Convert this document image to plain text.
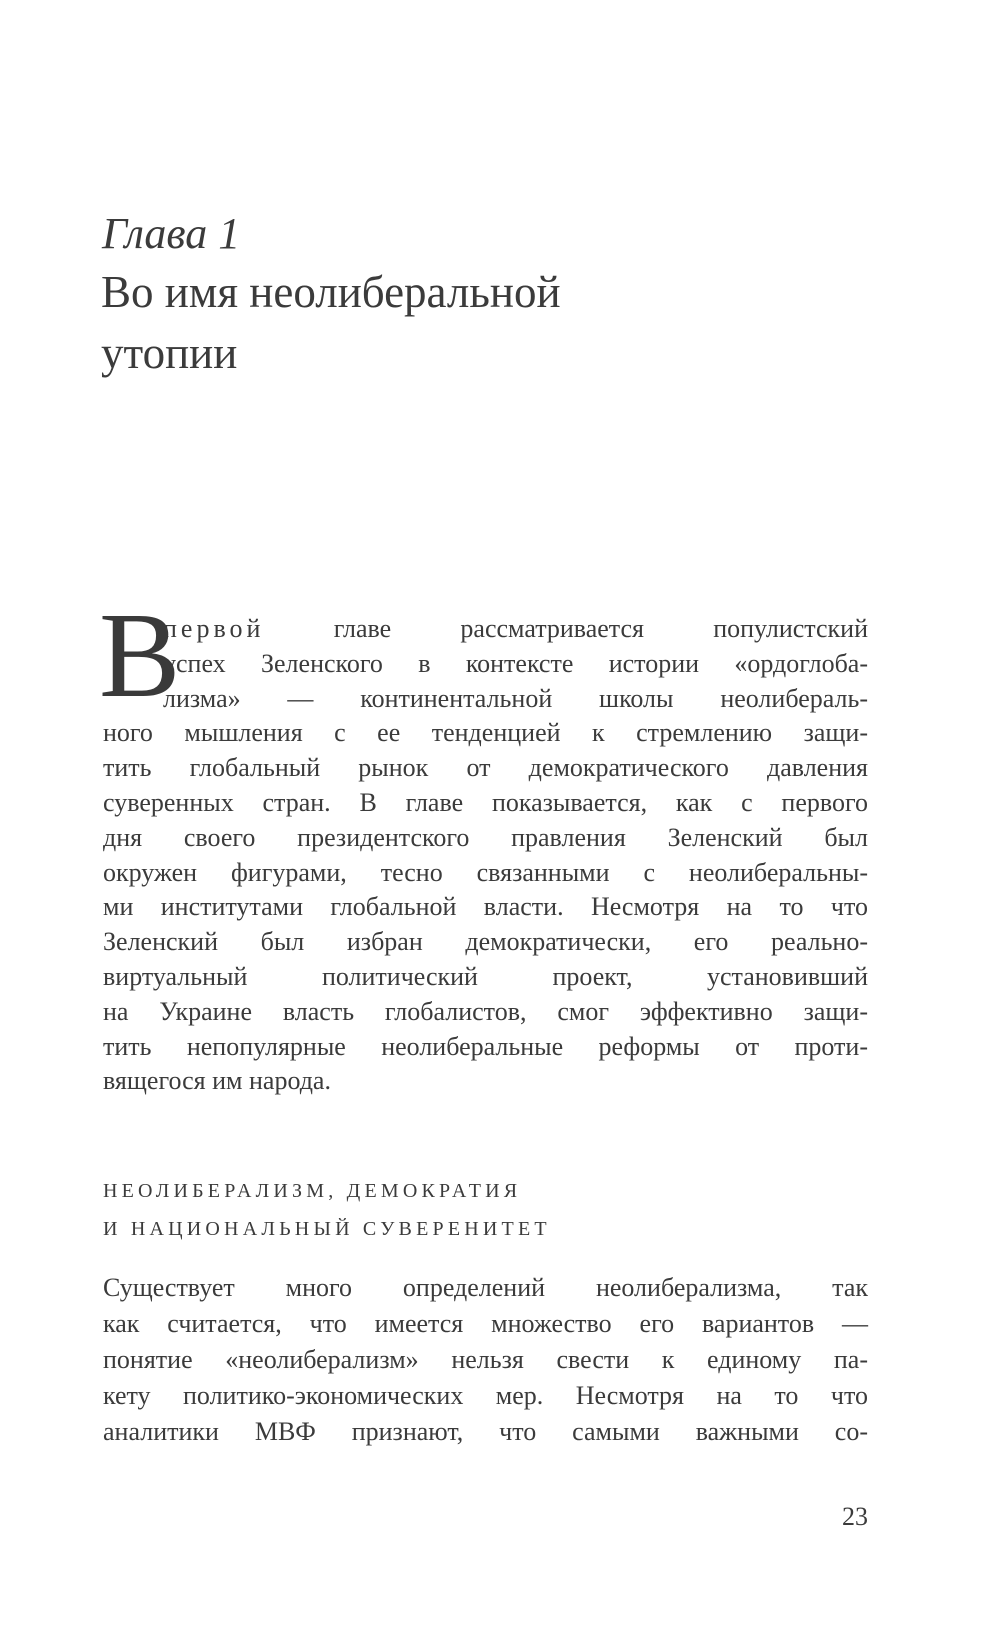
Глава 1
Во имя неолиберальной
утопии
В
первой	главе рассматривается популистский
успех Зеленского в контексте истории «ордоглоба-
лизма» — континентальной школы неолибераль-
ного мышления с ее тенденцией к стремлению защи-
тить глобальный рынок от демократического давления
суверенных стран. В главе показывается, как с первого
дня своего президентского правления Зеленский был
окружен фигурами, тесно связанными с неолиберальны-
ми институтами глобальной власти. Несмотря на то что
Зеленский был избран демократически, его реально-
виртуальный политический проект, установивший
на Украине власть глобалистов, смог эффективно защи-
тить непопулярные неолиберальные реформы от проти-
вящегося им народа.
НЕОЛИБЕРАЛИЗМ, ДЕМОКРАТИЯ
И НАЦИОНАЛЬНЫЙ СУВЕРЕНИТЕТ
Существует много определений неолиберализма, так
как считается, что имеется множество его вариантов —
понятие «неолиберализм» нельзя свести к единому па-
кету политико-экономических мер. Несмотря на то что
аналитики МВФ признают, что самыми важными со-
23
